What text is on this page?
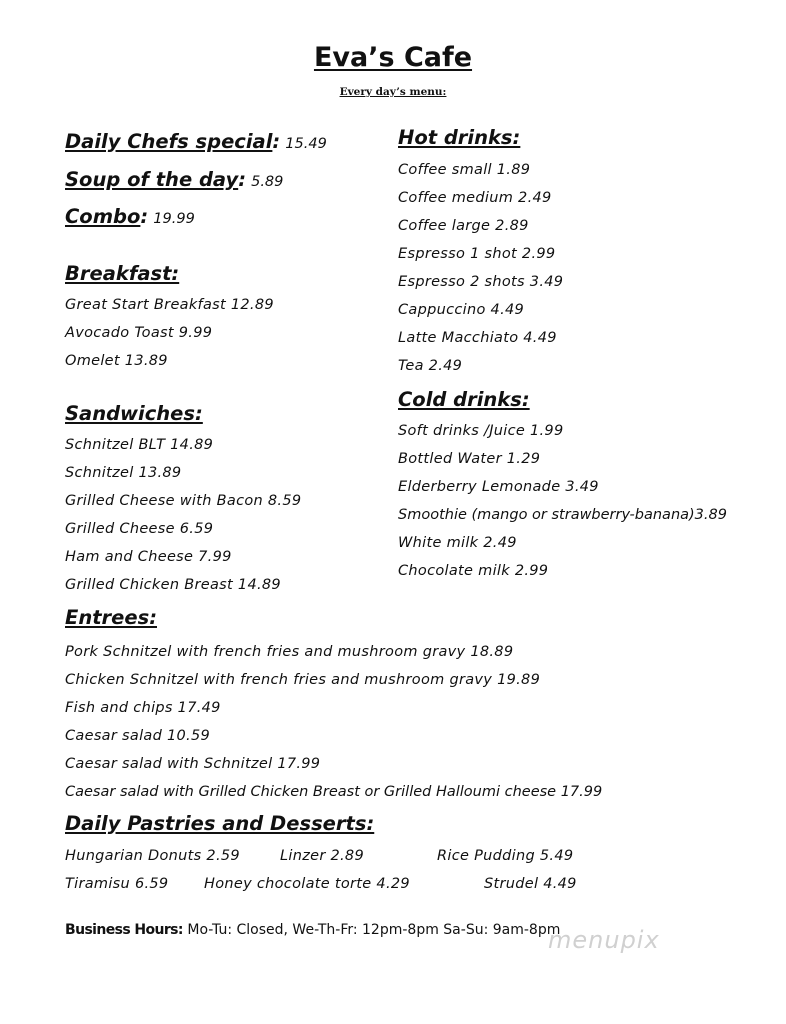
Eva’s Cafe
Every day’s menu:
Daily Chefs special: 15.49
Soup of the day: 5.89
Combo: 19.99
Breakfast:
Great Start Breakfast 12.89
Avocado Toast 9.99
Omelet 13.89
Sandwiches:
Schnitzel BLT 14.89
Schnitzel 13.89
Grilled Cheese with Bacon 8.59
Grilled Cheese 6.59
Ham and Cheese 7.99
Grilled Chicken Breast 14.89
Hot drinks:
Coffee small 1.89
Coffee medium 2.49
Coffee large 2.89
Espresso 1 shot 2.99
Espresso 2 shots 3.49
Cappuccino 4.49
Latte Macchiato 4.49
Tea 2.49
Cold drinks:
Soft drinks /Juice 1.99
Bottled Water 1.29
Elderberry Lemonade 3.49
Smoothie (mango or strawberry-banana)3.89
White milk 2.49
Chocolate milk 2.99
Entrees:
Pork Schnitzel with french fries and mushroom gravy 18.89
Chicken Schnitzel with french fries and mushroom gravy 19.89
Fish and chips 17.49
Caesar salad 10.59
Caesar salad with Schnitzel 17.99
Caesar salad with Grilled Chicken Breast or Grilled Halloumi cheese 17.99
Daily Pastries and Desserts:
Hungarian Donuts 2.59	Linzer 2.89	Rice Pudding 5.49
Tiramisu 6.59 Honey chocolate torte 4.29	Strudel 4.49
Business Hours: Mo-Tu: Closed, We-Th-Fr: 12pm-8pm Sa-Su: 9am-8pm
menupix
